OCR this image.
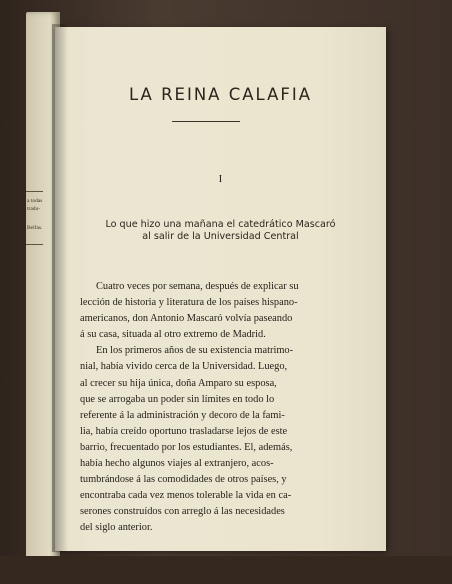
a todas
tradu-
Belfas.
LA REINA CALAFIA
I
Lo que hizo una mañana el catedrático Mascaró
al salir de la Universidad Central

Cuatro veces por semana, después de explicar su
lección de historia y literatura de los países hispano-
americanos, don Antonio Mascaró volvía paseando
á su casa, situada al otro extremo de Madrid.

En los primeros años de su existencia matrimo-
nial, había vivido cerca de la Universidad. Luego,
al crecer su hija única, doña Amparo su esposa,
que se arrogaba un poder sin límites en todo lo
referente á la administración y decoro de la fami-
lia, había creído oportuno trasladarse lejos de este
barrio, frecuentado por los estudiantes. El, además,
había hecho algunos viajes al extranjero, acos-
tumbrándose á las comodidades de otros países, y
encontraba cada vez menos tolerable la vida en ca-
serones construídos con arreglo á las necesidades
del siglo anterior.
